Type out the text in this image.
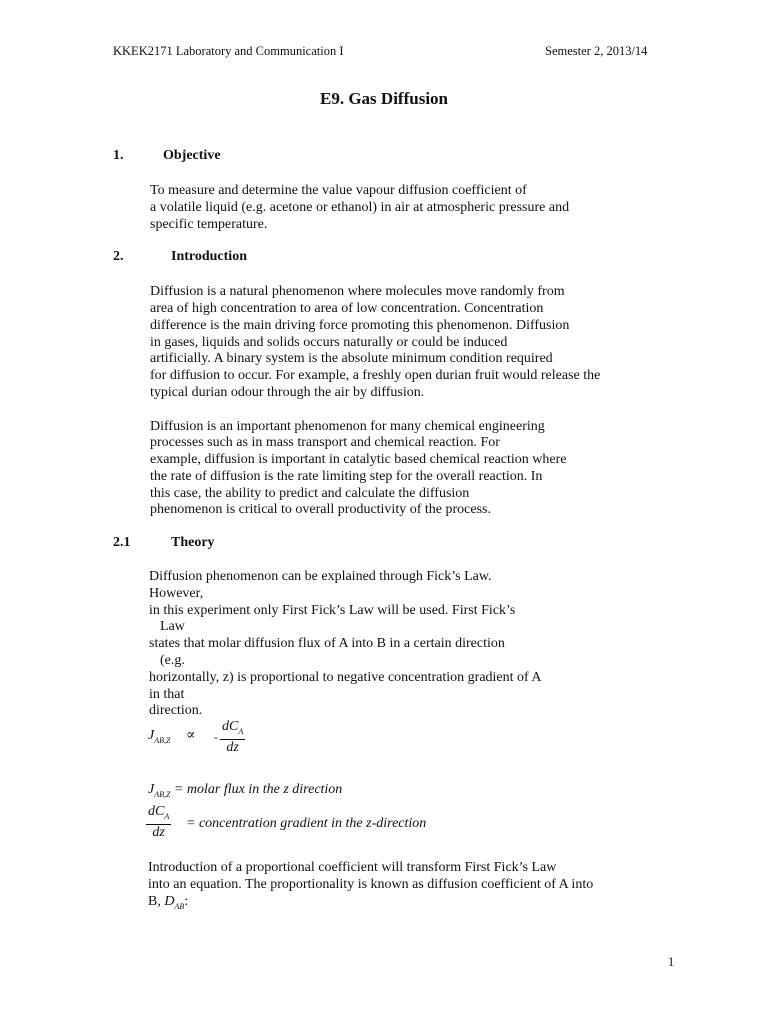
KKEK2171 Laboratory and Communication I	Semester 2, 2013/14
E9. Gas Diffusion
1.	Objective
To measure and determine the value vapour diffusion coefficient of
a volatile liquid (e.g. acetone or ethanol) in air at atmospheric pressure and
specific temperature.
2.	Introduction
Diffusion is a natural phenomenon where molecules move randomly from
area of high concentration to area of low concentration. Concentration
difference is the main driving force promoting this phenomenon. Diffusion
in gases, liquids and solids occurs naturally or could be induced
artificially. A binary system is the absolute minimum condition required
for diffusion to occur. For example, a freshly open durian fruit would release the
typical durian odour through the air by diffusion.
Diffusion is an important phenomenon for many chemical engineering
processes such as in mass transport and chemical reaction. For
example, diffusion is important in catalytic based chemical reaction where
the rate of diffusion is the rate limiting step for the overall reaction. In
this case, the ability to predict and calculate the diffusion
phenomenon is critical to overall productivity of the process.
2.1	Theory
Diffusion phenomenon can be explained through Fick’s Law.
However,
in this experiment only First Fick’s Law will be used. First Fick’s
Law
states that molar diffusion flux of A into B in a certain direction
(e.g.
horizontally, z) is proportional to negative concentration gradient of A
in that
direction.
$J_{AB,Z}$ ∝ - $\frac{dC_A}{dz}$
$J_{AB,Z}$ = molar flux in the z direction
$\frac{dC_A}{dz}$ = concentration gradient in the z-direction
Introduction of a proportional coefficient will transform First Fick’s Law
into an equation. The proportionality is known as diffusion coefficient of A into
B, $D_{AB}$:
1
